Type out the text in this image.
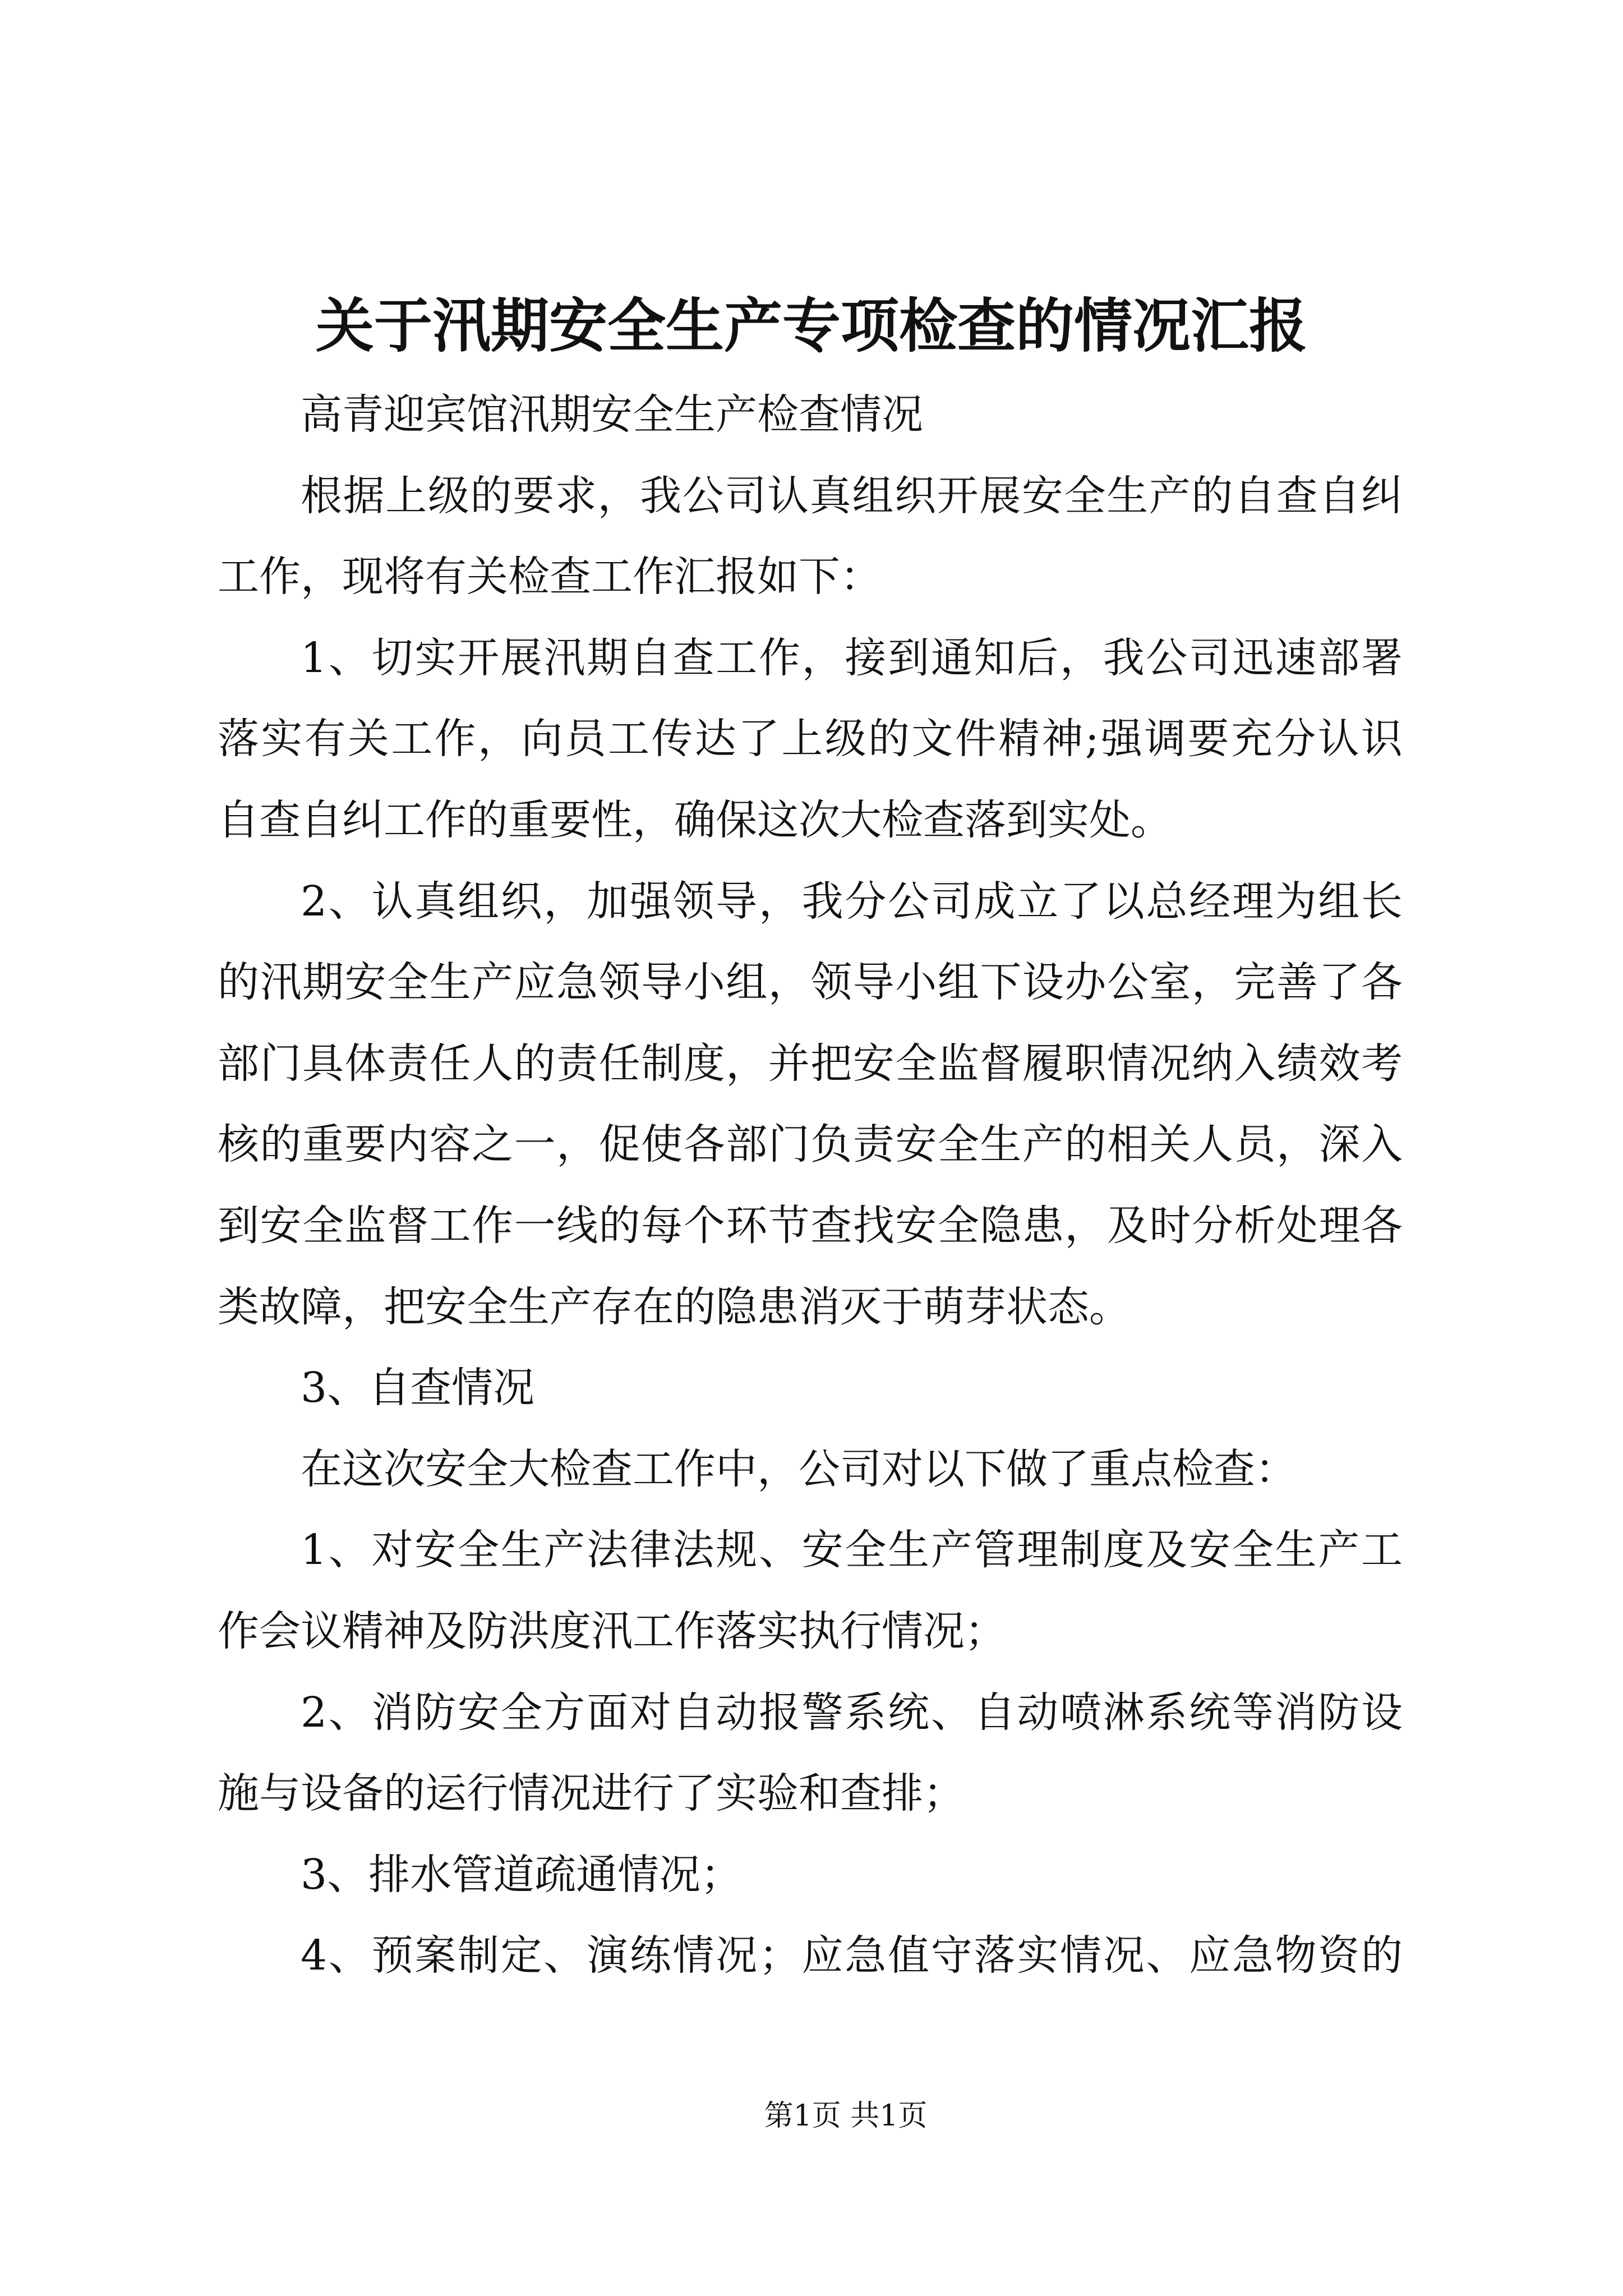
关于汛期安全生产专项检查的情况汇报
高青迎宾馆汛期安全生产检查情况
根据上级的要求，我公司认真组织开展安全生产的自查自纠
工作，现将有关检查工作汇报如下：
1、切实开展汛期自查工作，接到通知后，我公司迅速部署
落实有关工作，向员工传达了上级的文件精神;强调要充分认识
自查自纠工作的重要性，确保这次大检查落到实处。
2、认真组织，加强领导，我分公司成立了以总经理为组长
的汛期安全生产应急领导小组，领导小组下设办公室，完善了各
部门具体责任人的责任制度，并把安全监督履职情况纳入绩效考
核的重要内容之一，促使各部门负责安全生产的相关人员，深入
到安全监督工作一线的每个环节查找安全隐患，及时分析处理各
类故障，把安全生产存在的隐患消灭于萌芽状态。
3、自查情况
在这次安全大检查工作中，公司对以下做了重点检查：
1、对安全生产法律法规、安全生产管理制度及安全生产工
作会议精神及防洪度汛工作落实执行情况；
2、消防安全方面对自动报警系统、自动喷淋系统等消防设
施与设备的运行情况进行了实验和查排；
3、排水管道疏通情况；
4、预案制定、演练情况；应急值守落实情况、应急物资的
第1页 共1页
